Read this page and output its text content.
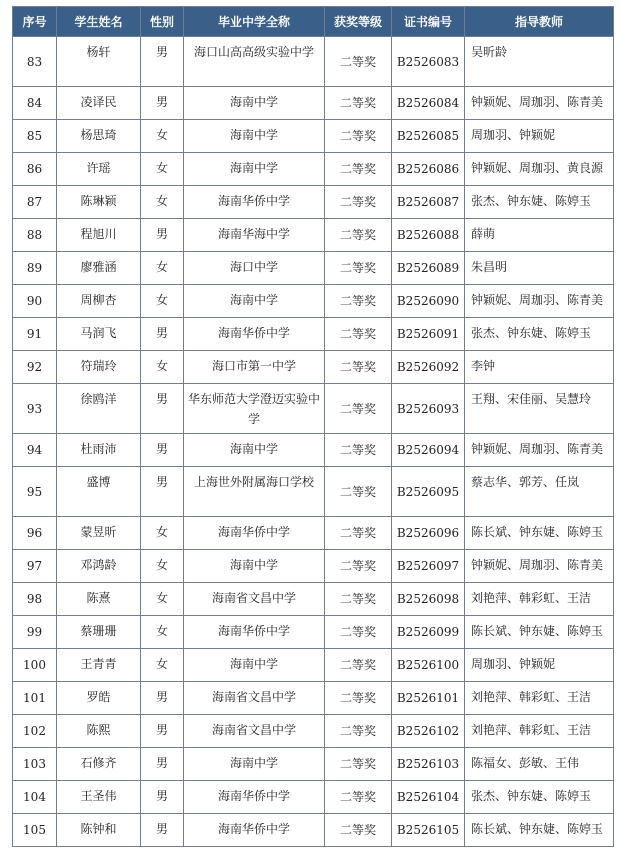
序号	学生姓名	性别	毕业中学全称	获奖等级	证书编号	指导教师
83	杨轩	男	海口山高高级实验中学	二等奖	B2526083	吴昕龄
84	凌译民	男	海南中学	二等奖	B2526084	钟颖妮、周珈羽、陈青美
85	杨思琦	女	海南中学	二等奖	B2526085	周珈羽、钟颖妮
86	许瑶	女	海南中学	二等奖	B2526086	钟颖妮、周珈羽、黄良源
87	陈琳颖	女	海南华侨中学	二等奖	B2526087	张杰、钟东婕、陈婷玉
88	程旭川	男	海南华海中学	二等奖	B2526088	薛萌
89	廖雅涵	女	海口中学	二等奖	B2526089	朱昌明
90	周柳杏	女	海南中学	二等奖	B2526090	钟颖妮、周珈羽、陈青美
91	马润飞	男	海南华侨中学	二等奖	B2526091	张杰、钟东婕、陈婷玉
92	符瑞玲	女	海口市第一中学	二等奖	B2526092	李钟
93	徐鸥洋	男	华东师范大学澄迈实验中学	二等奖	B2526093	王翔、宋佳丽、吴慧玲
94	杜雨沛	男	海南中学	二等奖	B2526094	钟颖妮、周珈羽、陈青美
95	盛博	男	上海世外附属海口学校	二等奖	B2526095	蔡志华、郭芳、任岚
96	蒙昱昕	女	海南华侨中学	二等奖	B2526096	陈长斌、钟东婕、陈婷玉
97	邓鸿龄	女	海南中学	二等奖	B2526097	钟颖妮、周珈羽、陈青美
98	陈熹	女	海南省文昌中学	二等奖	B2526098	刘艳萍、韩彩虹、王洁
99	蔡珊珊	女	海南华侨中学	二等奖	B2526099	陈长斌、钟东婕、陈婷玉
100	王青青	女	海南中学	二等奖	B2526100	周珈羽、钟颖妮
101	罗皓	男	海南省文昌中学	二等奖	B2526101	刘艳萍、韩彩虹、王洁
102	陈熙	男	海南省文昌中学	二等奖	B2526102	刘艳萍、韩彩虹、王洁
103	石修齐	男	海南中学	二等奖	B2526103	陈福女、彭敏、王伟
104	王圣伟	男	海南华侨中学	二等奖	B2526104	张杰、钟东婕、陈婷玉
105	陈钟和	男	海南华侨中学	二等奖	B2526105	陈长斌、钟东婕、陈婷玉
